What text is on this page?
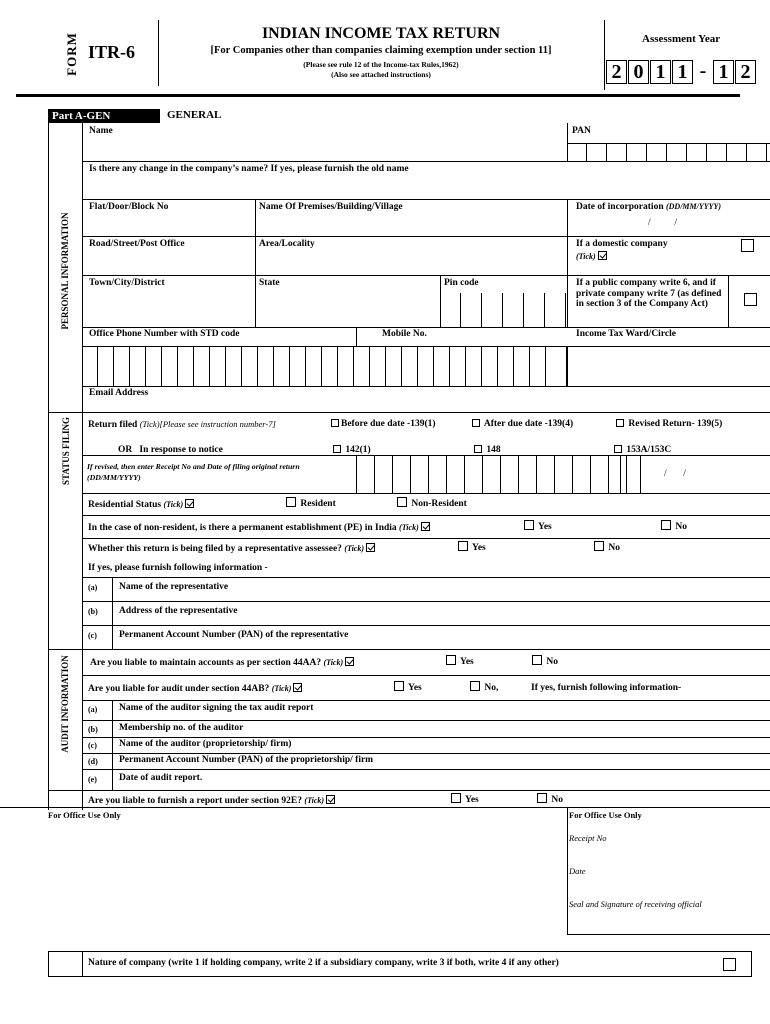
FORM ITR-6
INDIAN INCOME TAX RETURN
[For Companies other than companies claiming exemption under section 11]
(Please see rule 12 of the Income-tax Rules,1962)
(Also see attached instructions)
Assessment Year
2 0 1 1 - 1 2
Part A-GEN	GENERAL
Name	PAN
Is there any change in the company’s name? If yes, please furnish the old name
Flat/Door/Block No	Name Of Premises/Building/Village	Date of incorporation (DD/MM/YYYY)
/          /
Road/Street/Post Office	Area/Locality	If a domestic company
(Tick)
Town/City/District	State	Pin code	If a public company write 6, and if private company write 7 (as defined in section 3 of the Company Act)
Office Phone Number with STD code	Mobile No.	Income Tax Ward/Circle
Email Address
PERSONAL INFORMATION
STATUS FILING Return filed (Tick)[Please see instruction number-7]	Before due date -139(1)	After due date -139(4)	Revised Return- 139(5)
OR   In response to notice	142(1)	148	153A/153C
If revised, then enter Receipt No and Date of filing original return (DD/MM/YYYY)	/       /
Residential Status (Tick)	Resident	Non-Resident
In the case of non-resident, is there a permanent establishment (PE) in India (Tick)	Yes	No
Whether this return is being filed by a representative assessee? (Tick)	Yes	No
If yes, please furnish following information -
(a) Name of the representative
(b) Address of the representative
(c) Permanent Account Number (PAN) of the representative
AUDIT INFORMATION Are you liable to maintain accounts as per section 44AA? (Tick)	Yes	No
Are you liable for audit under section 44AB? (Tick)	Yes	No,	If yes, furnish following information-
(a) Name of the auditor signing the tax audit report
(b) Membership no. of the auditor
(c) Name of the auditor (proprietorship/ firm)
(d) Permanent Account Number (PAN) of the proprietorship/ firm
(e) Date of audit report.
Are you liable to furnish a report under section 92E? (Tick)	Yes	No
For Office Use Only	For Office Use Only
Receipt No
Date
Seal and Signature of receiving official
Nature of company (write 1 if holding company, write 2 if a subsidiary company, write 3 if both, write 4 if any other)
